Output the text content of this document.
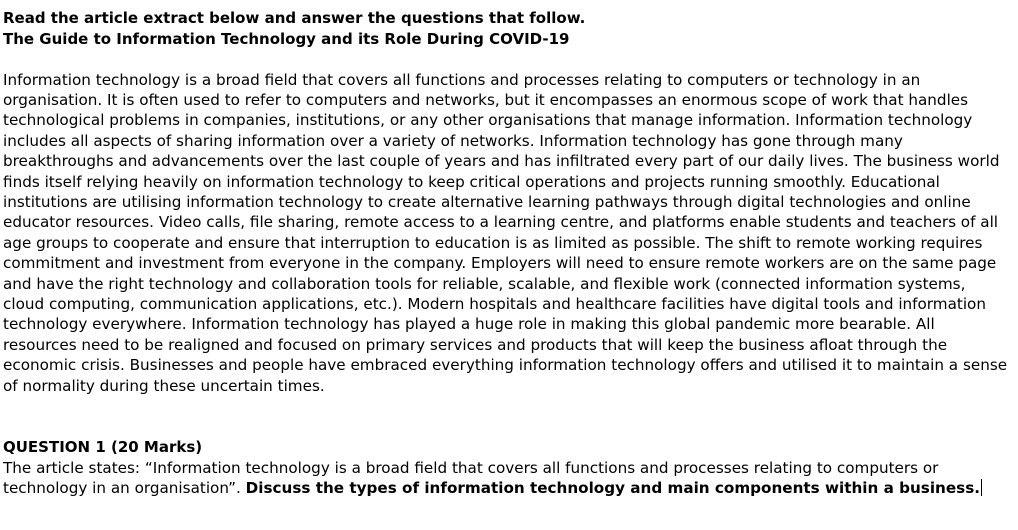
Read the article extract below and answer the questions that follow.

The Guide to Information Technology and its Role During COVID-19

Information technology is a broad field that covers all functions and processes relating to computers or technology in an organisation. It is often used to refer to computers and networks, but it encompasses an enormous scope of work that handles technological problems in companies, institutions, or any other organisations that manage information. Information technology includes all aspects of sharing information over a variety of networks. Information technology has gone through many breakthroughs and advancements over the last couple of years and has infiltrated every part of our daily lives. The business world finds itself relying heavily on information technology to keep critical operations and projects running smoothly. Educational institutions are utilising information technology to create alternative learning pathways through digital technologies and online educator resources. Video calls, file sharing, remote access to a learning centre, and platforms enable students and teachers of all age groups to cooperate and ensure that interruption to education is as limited as possible. The shift to remote working requires commitment and investment from everyone in the company. Employers will need to ensure remote workers are on the same page and have the right technology and collaboration tools for reliable, scalable, and flexible work (connected information systems, cloud computing, communication applications, etc.). Modern hospitals and healthcare facilities have digital tools and information technology everywhere. Information technology has played a huge role in making this global pandemic more bearable. All resources need to be realigned and focused on primary services and products that will keep the business afloat through the economic crisis. Businesses and people have embraced everything information technology offers and utilised it to maintain a sense of normality during these uncertain times.

QUESTION 1 (20 Marks)

The article states: “Information technology is a broad field that covers all functions and processes relating to computers or technology in an organisation”. Discuss the types of information technology and main components within a business.
